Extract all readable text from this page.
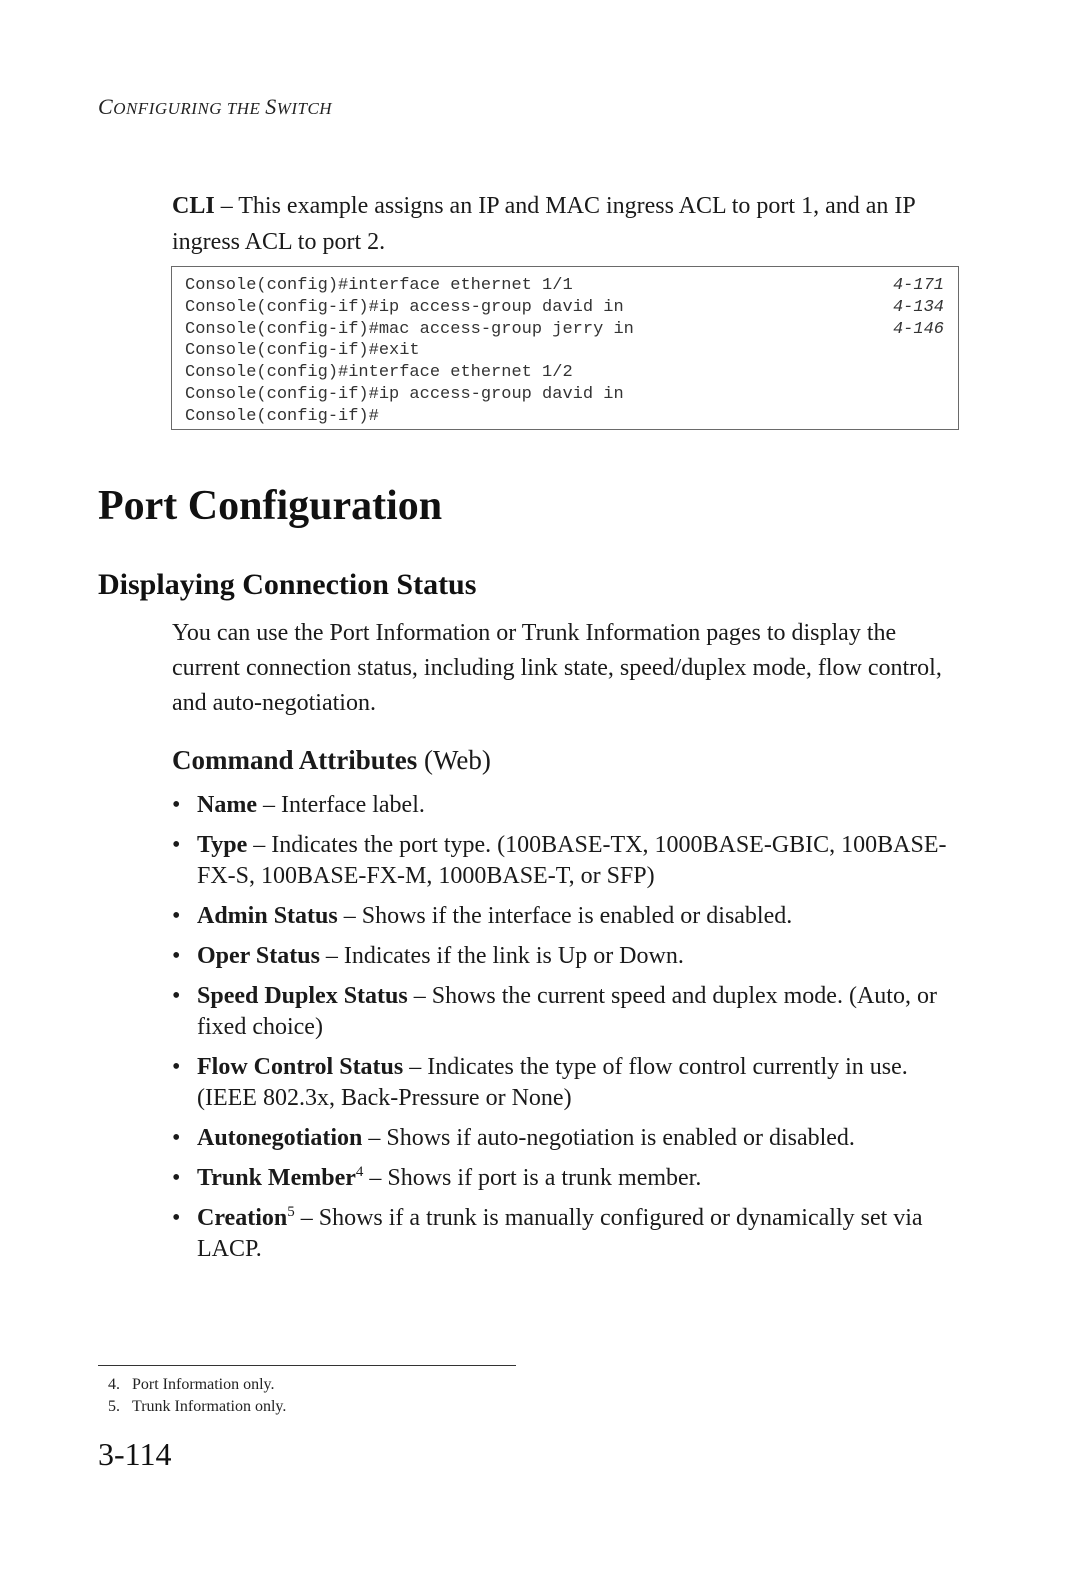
CONFIGURING THE SWITCH
CLI – This example assigns an IP and MAC ingress ACL to port 1, and an IP ingress ACL to port 2.
Console(config)#interface ethernet 1/1	4-171
Console(config-if)#ip access-group david in	4-134
Console(config-if)#mac access-group jerry in	4-146
Console(config-if)#exit
Console(config)#interface ethernet 1/2
Console(config-if)#ip access-group david in
Console(config-if)#
Port Configuration
Displaying Connection Status
You can use the Port Information or Trunk Information pages to display the current connection status, including link state, speed/duplex mode, flow control, and auto-negotiation.
Command Attributes (Web)
• Name – Interface label.
• Type – Indicates the port type. (100BASE-TX, 1000BASE-GBIC, 100BASE-FX-S, 100BASE-FX-M, 1000BASE-T, or SFP)
• Admin Status – Shows if the interface is enabled or disabled.
• Oper Status – Indicates if the link is Up or Down.
• Speed Duplex Status – Shows the current speed and duplex mode. (Auto, or fixed choice)
• Flow Control Status – Indicates the type of flow control currently in use. (IEEE 802.3x, Back-Pressure or None)
• Autonegotiation – Shows if auto-negotiation is enabled or disabled.
• Trunk Member$^4$ – Shows if port is a trunk member.
• Creation$^5$ – Shows if a trunk is manually configured or dynamically set via LACP.
4. Port Information only.
5. Trunk Information only.
3-114
